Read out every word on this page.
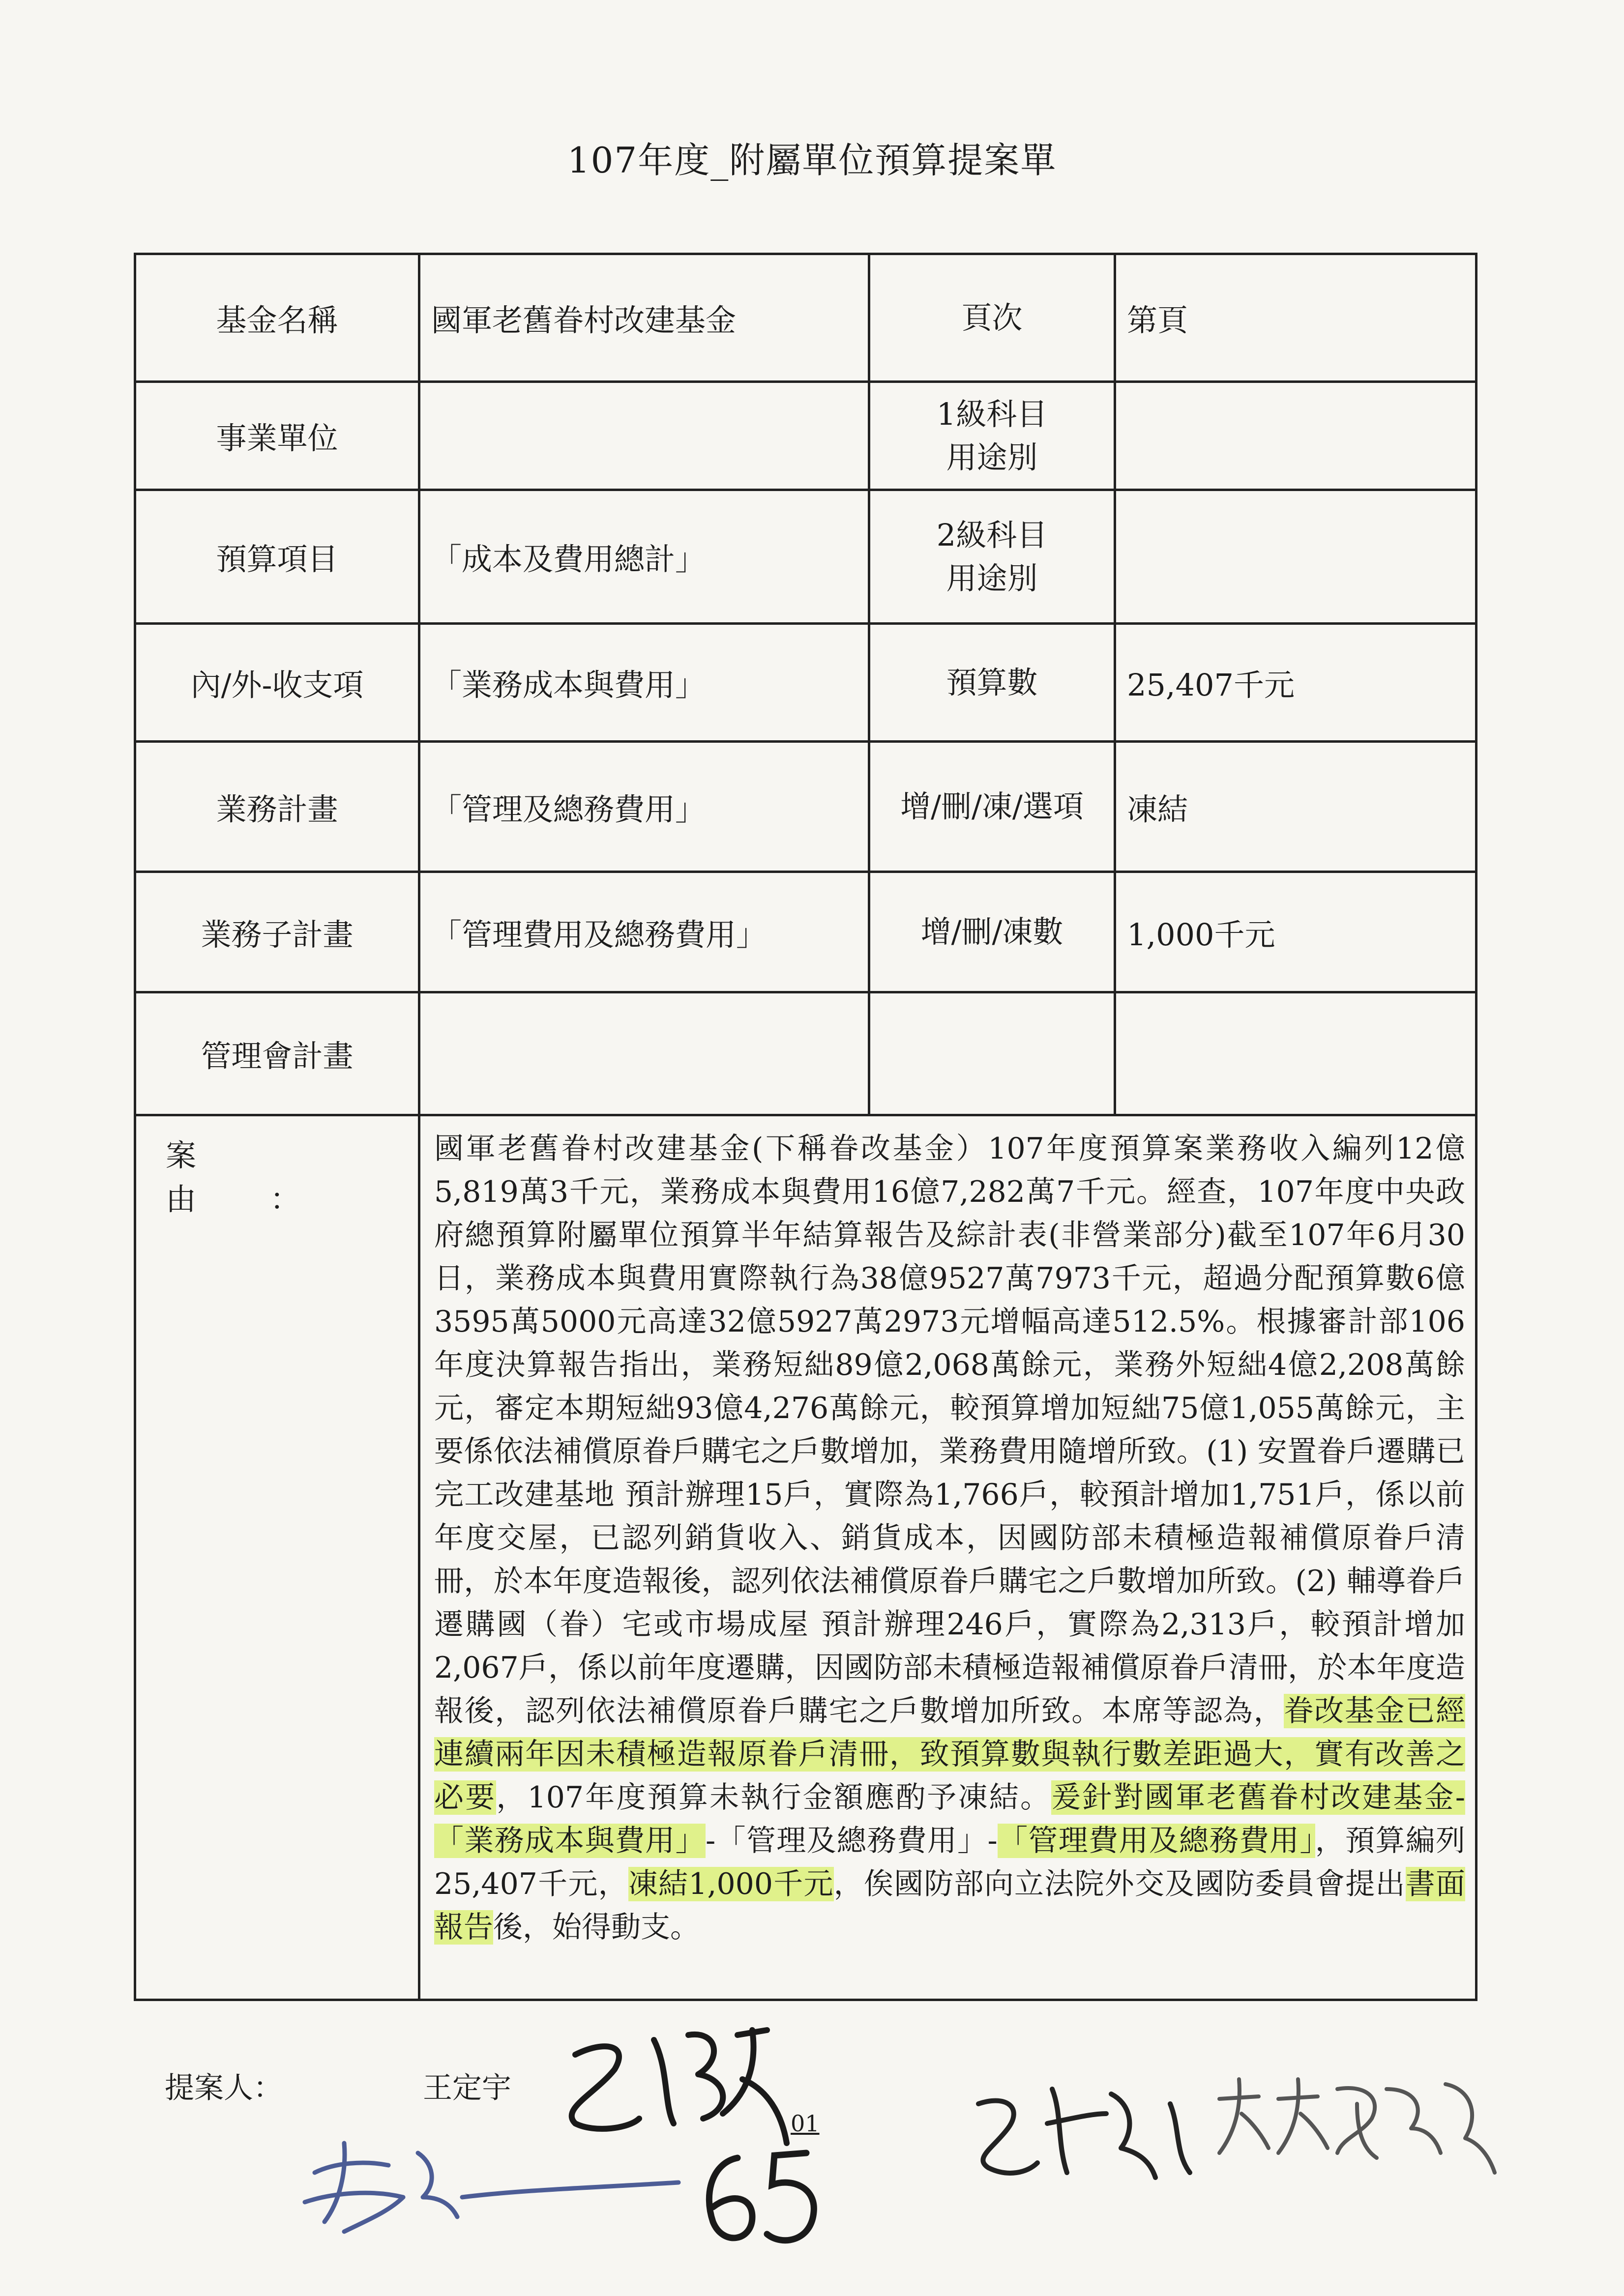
107年度_附屬單位預算提案單
基金名稱	國軍老舊眷村改建基金	頁次	第頁
事業單位		1級科目
用途別	
預算項目	「成本及費用總計」	2級科目
用途別	
內/外-收支項	「業務成本與費用」	預算數	25,407千元
業務計畫	「管理及總務費用」	增/刪/凍/選項	凍結
業務子計畫	「管理費用及總務費用」	增/刪/凍數	1,000千元
管理會計畫			
案由：	國軍老舊眷村改建基金(下稱眷改基金）107年度預算案業務收入編列12億5,819萬3千元，業務成本與費用16億7,282萬7千元。經查，107年度中央政府總預算附屬單位預算半年結算報告及綜計表(非營業部分)截至107年6月30日，業務成本與費用實際執行為38億9527萬7973千元，超過分配預算數6億3595萬5000元高達32億5927萬2973元增幅高達512.5%。根據審計部106年度決算報告指出，業務短絀89億2,068萬餘元，業務外短絀4億2,208萬餘元，審定本期短絀93億4,276萬餘元，較預算增加短絀75億1,055萬餘元，主要係依法補償原眷戶購宅之戶數增加，業務費用隨增所致。(1) 安置眷戶遷購已完工改建基地 預計辦理15戶，實際為1,766戶，較預計增加1,751戶，係以前年度交屋，已認列銷貨收入、銷貨成本，因國防部未積極造報補償原眷戶清冊，於本年度造報後，認列依法補償原眷戶購宅之戶數增加所致。(2) 輔導眷戶遷購國（眷）宅或市場成屋 預計辦理246戶，實際為2,313戶，較預計增加2,067戶，係以前年度遷購，因國防部未積極造報補償原眷戶清冊，於本年度造報後，認列依法補償原眷戶購宅之戶數增加所致。本席等認為，眷改基金已經連續兩年因未積極造報原眷戶清冊，致預算數與執行數差距過大，實有改善之必要，107年度預算未執行金額應酌予凍結。爰針對國軍老舊眷村改建基金-「業務成本與費用」-「管理及總務費用」-「管理費用及總務費用」，預算編列25,407千元，凍結1,000千元，俟國防部向立法院外交及國防委員會提出書面報告後，始得動支。		
提案人：	王定宇
01
